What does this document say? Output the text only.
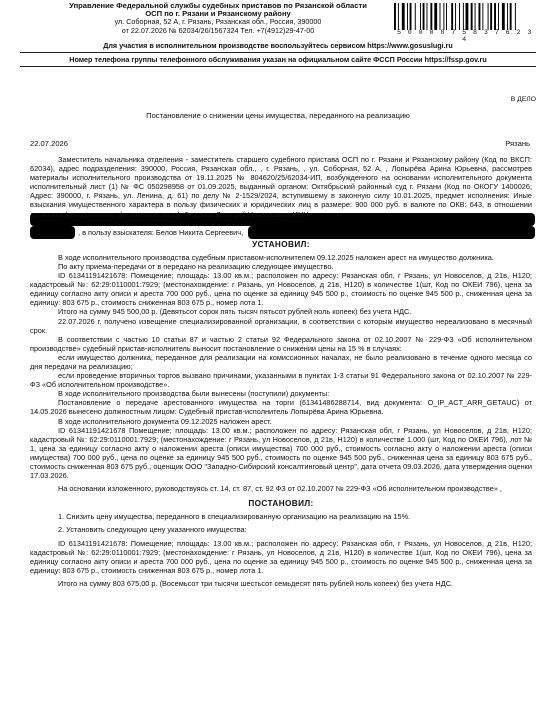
Управление Федеральной службы судебных приставов по Рязанской области
ОСП по г. Рязани и Рязанскому району
ул. Соборная, 52 А, г. Рязань, Рязанская обл., Россия, 390000
от 22.07.2026 № 62034/26/1567324 Тел. +7(4912)29-47-00	5 0 0 0 8 7 5 8 3 7 6 2 3 4
Для участия в исполнительном производстве воспользуйтесь сервисом https://www.gosuslugi.ru
Номер телефона группы телефонного обслуживания указан на официальном сайте ФССП России https://fssp.gov.ru
В ДЕЛО
Постановление о снижении цены имущества, переданного на реализацию
22.07.2026	Рязань

Заместитель начальника отделения - заместитель старшего судебного пристава ОСП по г. Рязани и Рязанскому району (Код по ВКСП: 62034), адрес подразделения: 390000, Россия, Рязанская обл., , г. Рязань, , ул. Соборная, 52 А, , Лопырёва Арина Юрьевна, рассмотрев материалы исполнительного производства от 19.11.2025 № 804620/25/62034-ИП, возбужденного на основании исполнительного документа исполнительный лист (1) № ФС 050298958 от 01.09.2025, выданный органом: Октябрьский районный суд г. Рязани (Код по ОКОГУ 1400026; Адрес: 390000, г. Рязань, ул. Ленина, д. 61) по делу № 2-1529/2024, вступившему в законную силу 10.01.2025, предмет исполнения: Иные взыскания имущественного характера в пользу физических и юридических лиц в размере: 900 000 руб. в валюте по ОКВ: 643, в отношении должника (тип должника: физическое лицо): Федоров Дмитрий Николаевич, ИНН

, в пользу взыскателя: Белов Никита Сергеевич,

УСТАНОВИЛ:

В ходе исполнительного производства судебным приставом-исполнителем 09.12.2025 наложен арест на имущество должника.

По акту приема-передачи от в передано на реализацию следующее имущество.

ID 61341191421678: Помещение; площадь: 13.00 кв.м.; расположен по адресу: Рязанская обл, г Рязань, ул Новоселов, д 21в, Н120; кадастровый №: 62:29:0110001:7929; (местонахождение: г Рязань, ул Новоселов, д 21в, Н120) в количестве 1(шт, Код по ОКЕИ 796), цена за единицу согласно акту описи и ареста 700 000 руб., цена по оценке за единицу 945 500 р., стоимость по оценке 945 500 р., сниженная цена за единицу: 803 675 р., стоимость сниженная 803 675 р., номер лота 1.

Итого на сумму 945 500,00 р. (Девятьсот сорок пять тысяч пятьсот рублей ноль копеек) без учета НДС.

22.07.2026 г. получено извещение специализированной организации, в соответствии с которым имущество нереализовано в месячный срок.

В соответствии с частью 10 статьи 87 и частью 2 статьи 92 Федерального закона от 02.10.2007 № 229-ФЗ «Об исполнительном производстве» судебный пристав-исполнитель выносит постановление о снижении цены на 15 % в случаях:

если имущество должника, переданное для реализации на комиссионных началах, не было реализовано в течение одного месяца со дня передачи на реализацию;

если проведение вторичных торгов вызвано причинами, указанными в пунктах 1-3 статьи 91 Федерального закона от 02.10.2007 № 229-ФЗ «Об исполнительном производстве».

В ходе исполнительного производства были вынесены (поступили) документы:

Постановление о передаче арестованного имущества на торги (61341486288714, вид документа: O_IP_ACT_ARR_GETAUC) от 14.05.2026 вынесено должностным лицом: Судебный пристав-исполнитель Лопырёва Арина Юрьевна.

В ходе исполнительного документа 09.12.2025 наложен арест.

ID 61341191421678 Помещение; площадь: 13.00 кв.м.; расположен по адресу: Рязанская обл, г Рязань, ул Новоселов, д 21в, Н120; кадастровый №: 62:29:0110001:7929; (местонахождение: г Рязань, ул Новоселов, д 21в, Н120) в количестве 1.000 (шт, Код по ОКЕИ 796), лот № 1, цена за единицу согласно акту о наложении ареста (описи имущества) 700 000 руб., стоимость согласно акту о наложении ареста (описи имущества) 700 000 руб., цена по оценке за единицу 945 500 руб., стоимость по оценке 945 500 руб., сниженная цена за единицу 803 675 руб., стоимость сниженная 803 675 руб., оценщик ООО "Западно-Сибирский консалтинговый центр", дата отчета 09.03.2026, дата утверждения оценки 17.03.2026.

На основании изложенного, руководствуясь ст. 14, ст. 87, ст. 92 ФЗ от 02.10.2007 № 229-ФЗ «Об исполнительном производстве» ,

ПОСТАНОВИЛ:

1. Снизить цену имущества, переданного в специализированную организацию на реализацию на 15%.

2. Установить следующую цену указанного имущества:

ID 61341191421678: Помещение; площадь: 13.00 кв.м.; расположен по адресу: Рязанская обл, г Рязань, ул Новоселов, д 21в, Н120; кадастровый №: 62:29:0110001:7929; (местонахождение: г Рязань, ул Новоселов, д 21в, Н120) в количестве 1(шт, Код по ОКЕИ 796), цена за единицу согласно акту описи и ареста 700 000 руб., цена по оценке за единицу 945 500 р., стоимость по оценке 945 500 р., сниженная цена за единицу: 803 675 р., стоимость сниженная 803 675 р., номер лота 1.

Итого на сумму 803 675,00 р. (Восемьсот три тысячи шестьсот семьдесят пять рублей ноль копеек) без учета НДС.
